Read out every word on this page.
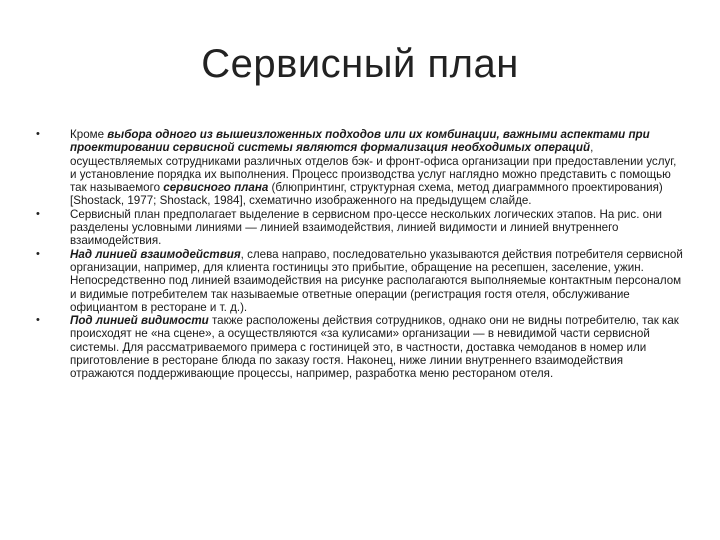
Сервисный план
•	Кроме выбора одного из вышеизложенных подходов или их комбинации, важными аспектами при проектировании сервисной системы являются формализация необходимых операций, осуществляемых сотрудниками различных отделов бэк- и фронт-офиса организации при предоставлении услуг, и установление порядка их выполнения. Процесс производства услуг наглядно можно представить с помощью так называемого сервисного плана (блюпринтинг, структурная схема, метод диаграммного проектирования) [Shostack, 1977; Shostack, 1984], схематично изображенного на предыдущем слайде.

•	Сервисный план предполагает выделение в сервисном про-цессе нескольких логических этапов. На рис. они разделены условными линиями — линией взаимодействия, линией видимости и линией внутреннего взаимодействия.

•	Над линией взаимодействия, слева направо, последовательно указываются действия потребителя сервисной организации, например, для клиента гостиницы это прибытие, обращение на ресепшен, заселение, ужин. Непосредственно под линией взаимодействия на рисунке располагаются выполняемые контактным персоналом и видимые потребителем так называемые ответные операции (регистрация гостя отеля, обслуживание официантом в ресторане и т. д.).

•	Под линией видимости также расположены действия сотрудников, однако они не видны потребителю, так как происходят не «на сцене», а осуществляются «за кулисами» организации — в невидимой части сервисной системы. Для рассматриваемого примера с гостиницей это, в частности, доставка чемоданов в номер или приготовление в ресторане блюда по заказу гостя. Наконец, ниже линии внутреннего взаимодействия отражаются поддерживающие процессы, например, разработка меню рестораном отеля.
